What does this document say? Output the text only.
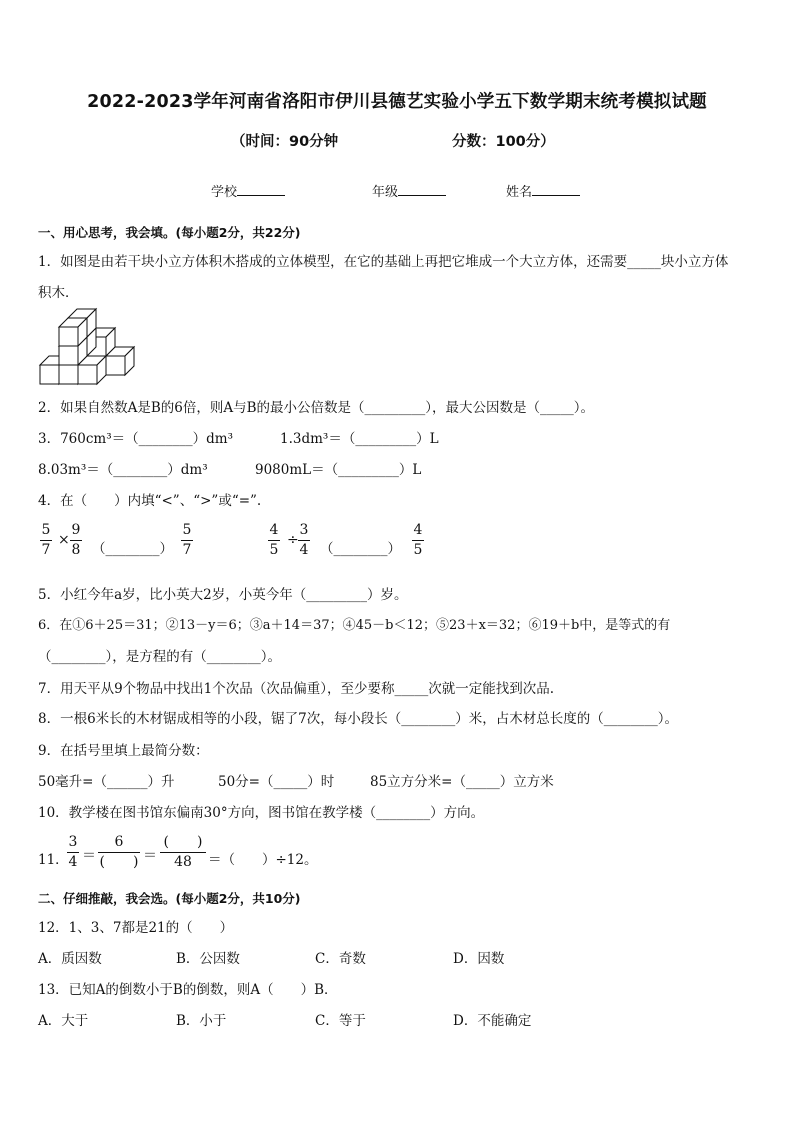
2022-2023学年河南省洛阳市伊川县德艺实验小学五下数学期末统考模拟试题
（时间：90分钟	分数：100分）
学校	年级	姓名
一、用心思考，我会填。(每小题2分，共22分)
1．如图是由若干块小立方体积木搭成的立体模型，在它的基础上再把它堆成一个大立方体，还需要_____块小立方体
积木．
2．如果自然数A是B的6倍，则A与B的最小公倍数是（_________），最大公因数是（_____）。
3．760cm³＝（________）dm³	1.3dm³＝（_________）L
8.03m³＝（________）dm³	9080mL＝（_________）L
4．在（　　）内填“<”、“>”或“=”.
5
7
×
9
8 （________）
5
7
4
5
÷
3
4 （________）
4
5
5．小红今年a岁，比小英大2岁，小英今年（_________）岁。
6．在①6＋25＝31；②13－y＝6；③a＋14＝37；④45－b＜12；⑤23＋x＝32；⑥19＋b中，是等式的有
（________），是方程的有（________）。
7．用天平从9个物品中找出1个次品（次品偏重），至少要称_____次就一定能找到次品.
8．一根6米长的木材锯成相等的小段，锯了7次，每小段长（________）米，占木材总长度的（________）。
9．在括号里填上最简分数：
50毫升=（______）升	50分=（_____）时	85立方分米=（_____）立方米
10．教学楼在图书馆东偏南30°方向，图书馆在教学楼（________）方向。
11．
3
4 ＝
6
(　　) ＝
(　　)
48	＝（　　）÷12。
二、仔细推敲，我会选。(每小题2分，共10分)
12．1、3、7都是21的（　　）
A．质因数	B．公因数	C．奇数	D．因数
13．已知A的倒数小于B的倒数，则A（　　）B．
A．大于	B．小于	C．等于	D．不能确定
